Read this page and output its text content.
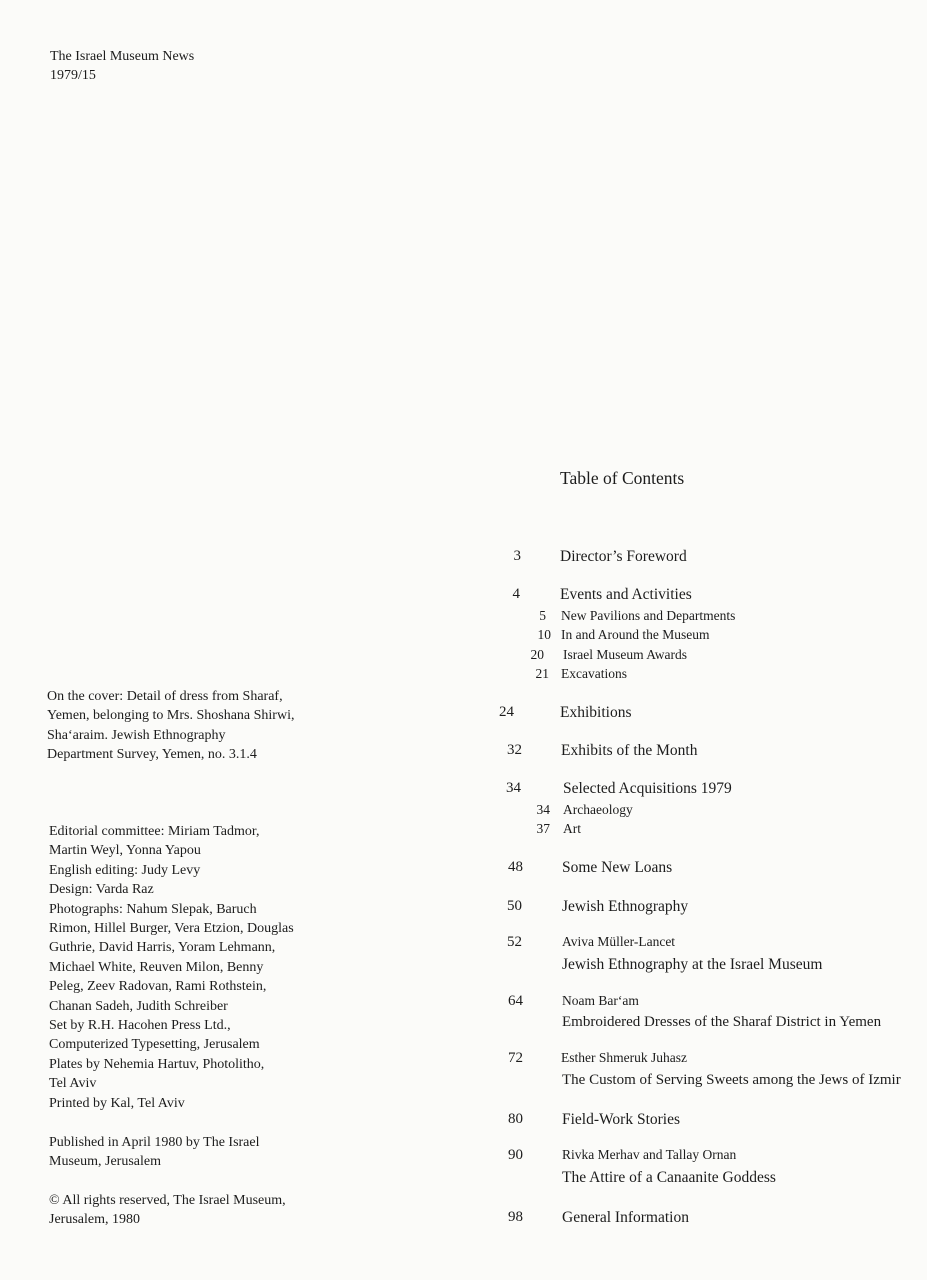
The Israel Museum News
1979/15
On the cover: Detail of dress from Sharaf,
Yemen, belonging to Mrs. Shoshana Shirwi,
Sha‘araim. Jewish Ethnography
Department Survey, Yemen, no. 3.1.4
Editorial committee: Miriam Tadmor,
Martin Weyl, Yonna Yapou
English editing: Judy Levy
Design: Varda Raz
Photographs: Nahum Slepak, Baruch
Rimon, Hillel Burger, Vera Etzion, Douglas
Guthrie, David Harris, Yoram Lehmann,
Michael White, Reuven Milon, Benny
Peleg, Zeev Radovan, Rami Rothstein,
Chanan Sadeh, Judith Schreiber
Set by R.H. Hacohen Press Ltd.,
Computerized Typesetting, Jerusalem
Plates by Nehemia Hartuv, Photolitho,
Tel Aviv
Printed by Kal, Tel Aviv
Published in April 1980 by The Israel
Museum, Jerusalem
© All rights reserved, The Israel Museum,
Jerusalem, 1980
Table of Contents
3	Director’s Foreword
4	Events and Activities
5 New Pavilions and Departments
10 In and Around the Museum
20 Israel Museum Awards
21 Excavations
24	Exhibitions
32	Exhibits of the Month
34	Selected Acquisitions 1979
34 Archaeology
37 Art
48	Some New Loans
50	Jewish Ethnography
52	Aviva Müller-Lancet
Jewish Ethnography at the Israel Museum
64	Noam Bar‘am
Embroidered Dresses of the Sharaf District in Yemen
72	Esther Shmeruk Juhasz
The Custom of Serving Sweets among the Jews of Izmir
80	Field-Work Stories
90	Rivka Merhav and Tallay Ornan
The Attire of a Canaanite Goddess
98	General Information
